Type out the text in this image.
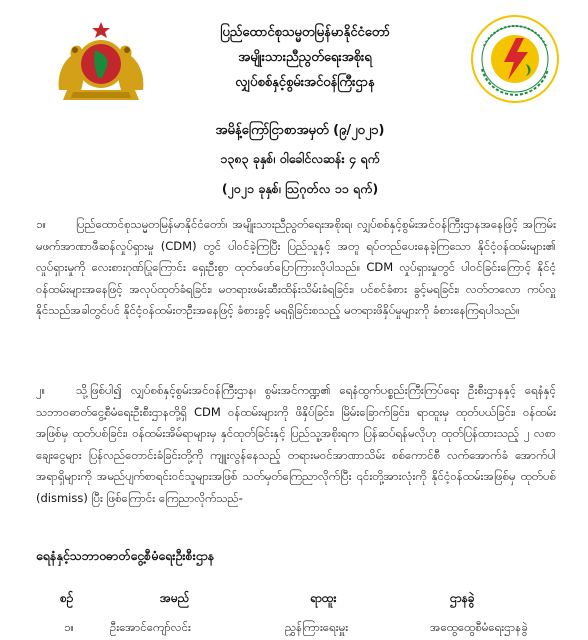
ပြည်ထောင်စုသမ္မတမြန်မာနိုင်ငံတော်
အမျိုးသားညီညွတ်ရေးအစိုးရ
လျှပ်စစ်နှင့်စွမ်းအင်ဝန်ကြီးဌာန
အမိန့်ကြော်ငြာစာအမှတ် (၉/၂၀၂၁)
၁၃၈၃ ခုနှစ်၊ ဝါခေါင်လဆန်း ၄ ရက်
(၂၀၂၁ ခုနှစ်၊ ဩဂုတ်လ ၁၁ ရက်)
၁။	ပြည်ထောင်စုသမ္မတမြန်မာနိုင်ငံတော်၊ အမျိုးသားညီညွတ်ရေးအစိုးရ၊ လျှပ်စစ်နှင့်စွမ်းအင်ဝန်ကြီးဌာနအနေဖြင့် အကြမ်းမဖက်အာဏာဖီဆန်လှုပ်ရှားမှု (CDM) တွင် ပါဝင်ခဲ့ကြပြီး ပြည်သူနှင့် အတူ ရပ်တည်ပေးနေခဲ့ကြသော နိုင်ငံ့ဝန်ထမ်းများ၏ လှုပ်ရှားမှုကို လေးစားဂုဏ်ပြုကြောင်း ရှေးဦးစွာ ထုတ်ဖော်ပြောကြားလိုပါသည်။ CDM လှုပ်ရှားမှုတွင် ပါဝင်ခြင်းကြောင့် နိုင်ငံ့ဝန်ထမ်းများအနေဖြင့် အလုပ်ထုတ်ခံရခြင်း၊ မတရားဖမ်းဆီးထိန်းသိမ်းခံရခြင်း၊ ပင်စင်ခံစား ခွင့်မရခြင်း၊ လတ်တလော ကပ်လှူနိုင်သည်အခါတွင်ပင် နိုင်ငံ့ဝန်ထမ်းတဦးအနေဖြင့် ခံစားခွင့် မရရှိခြင်းစသည့် မတရားဖိနှိပ်မှုများကို ခံစားနေကြရပါသည်။
၂။	သို့ဖြစ်ပါ၍ လျှပ်စစ်နှင့်စွမ်းအင်ဝန်ကြီးဌာန၊ စွမ်းအင်ကဏ္ဍ၏ ရေနံထွက်ပစ္စည်းကြီးကြပ်ရေး ဦးစီးဌာနနှင့် ရေနံနှင့်သဘာဝဓာတ်ငွေ့စီမံရေးဦးစီးဌာနတို့ရှိ CDM ဝန်ထမ်းများကို ဖိနှိပ်ခြင်း၊ မြိမ်းခြောက်ခြင်း၊ ရာထူးမှ ထုတ်ပယ်ခြင်း၊ ဝန်ထမ်းအဖြစ်မှ ထုတ်ပစ်ခြင်း၊ ဝန်ထမ်းအိမ်ရာများမှ နှင်ထုတ်ခြင်းနှင့် ပြည်သူ့အစိုးရက ပြန်ဆပ်ရန်မလိုဟု ထုတ်ပြန်ထားသည့် ၂ လစာ ချေးငွေများ ပြန်လည်တောင်းခံခြင်းတို့ကို ကျူးလွန်နေသည့် တရားမဝင်အာဏာသိမ်း စစ်ကောင်စီ လက်အောက်ခံ အောက်ပါအရာရှိများကို အမည်ပျက်စာရင်းဝင်သူများအဖြစ် သတ်မှတ်ကြေညာလိုက်ပြီး ၎င်းတို့အားလုံးကို နိုင်ငံ့ဝန်ထမ်းအဖြစ်မှ ထုတ်ပစ် (dismiss) ပြီး ဖြစ်ကြောင်း ကြေညာလိုက်သည်-
ရေနံနှင့်သဘာဝဓာတ်ငွေ့စီမံရေးဦးစီးဌာန
စဉ်	အမည်	ရာထူး	ဌာနခွဲ
၁။	ဦးအောင်ကျော်လင်း	ညွှန်ကြားရေးမှူး	အထွေထွေစီမံရေးဌာနခွဲ
